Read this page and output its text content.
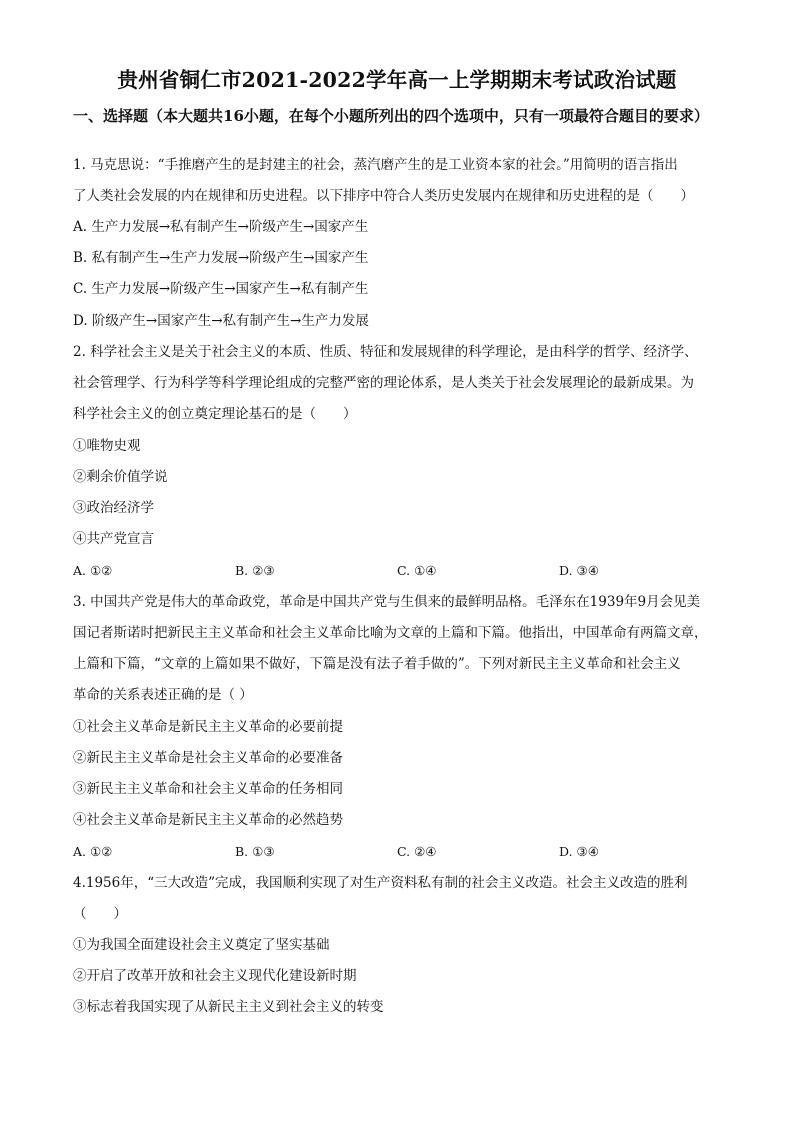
贵州省铜仁市2021-2022学年高一上学期期末考试政治试题
一、选择题（本大题共16小题，在每个小题所列出的四个选项中，只有一项最符合题目的要求）
1. 马克思说：“手推磨产生的是封建主的社会，蒸汽磨产生的是工业资本家的社会。”用简明的语言指出
了人类社会发展的内在规律和历史进程。以下排序中符合人类历史发展内在规律和历史进程的是（　　）
A. 生产力发展→私有制产生→阶级产生→国家产生
B. 私有制产生→生产力发展→阶级产生→国家产生
C. 生产力发展→阶级产生→国家产生→私有制产生
D. 阶级产生→国家产生→私有制产生→生产力发展
2. 科学社会主义是关于社会主义的本质、性质、特征和发展规律的科学理论，是由科学的哲学、经济学、
社会管理学、行为科学等科学理论组成的完整严密的理论体系，是人类关于社会发展理论的最新成果。为
科学社会主义的创立奠定理论基石的是（　　）
①唯物史观
②剩余价值学说
③政治经济学
④共产党宣言
A. ①②	B. ②③	C. ①④	D. ③④
3. 中国共产党是伟大的革命政党，革命是中国共产党与生俱来的最鲜明品格。毛泽东在1939年9月会见美
国记者斯诺时把新民主主义革命和社会主义革命比喻为文章的上篇和下篇。他指出，中国革命有两篇文章，
上篇和下篇，“文章的上篇如果不做好，下篇是没有法子着手做的”。下列对新民主主义革命和社会主义
革命的关系表述正确的是（ ）
①社会主义革命是新民主主义革命的必要前提
②新民主主义革命是社会主义革命的必要准备
③新民主主义革命和社会主义革命的任务相同
④社会主义革命是新民主主义革命的必然趋势
A. ①②	B. ①③	C. ②④	D. ③④
4.1956年，“三大改造”完成，我国顺利实现了对生产资料私有制的社会主义改造。社会主义改造的胜利
（　　）
①为我国全面建设社会主义奠定了坚实基础
②开启了改革开放和社会主义现代化建设新时期
③标志着我国实现了从新民主主义到社会主义的转变
